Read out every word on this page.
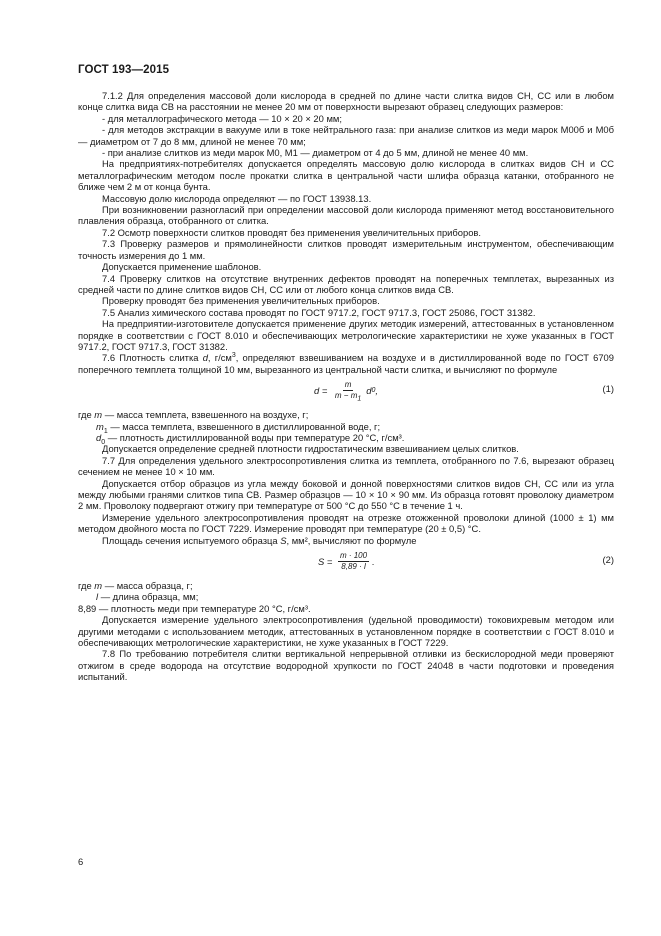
ГОСТ 193—2015

7.1.2 Для определения массовой доли кислорода в средней по длине части слитка видов СН, СС или в любом конце слитка вида СВ на расстоянии не менее 20 мм от поверхности вырезают образец следующих размеров:

- для металлографического метода — 10 × 20 × 20 мм;

- для методов экстракции в вакууме или в токе нейтрального газа: при анализе слитков из меди марок М00б и М0б — диаметром от 7 до 8 мм, длиной не менее 70 мм;

- при анализе слитков из меди марок М0, М1 — диаметром от 4 до 5 мм, длиной не менее 40 мм.

На предприятиях-потребителях допускается определять массовую долю кислорода в слитках видов СН и СС металлографическим методом после прокатки слитка в центральной части шлифа образца катанки, отобранного не ближе чем 2 м от конца бунта.

Массовую долю кислорода определяют — по ГОСТ 13938.13.

При возникновении разногласий при определении массовой доли кислорода применяют метод восстановительного плавления образца, отобранного от слитка.

7.2 Осмотр поверхности слитков проводят без применения увеличительных приборов.

7.3 Проверку размеров и прямолинейности слитков проводят измерительным инструментом, обеспечивающим точность измерения до 1 мм.

Допускается применение шаблонов.

7.4 Проверку слитков на отсутствие внутренних дефектов проводят на поперечных темплетах, вырезанных из средней части по длине слитков видов СН, СС или от любого конца слитков вида СВ.

Проверку проводят без применения увеличительных приборов.

7.5 Анализ химического состава проводят по ГОСТ 9717.2, ГОСТ 9717.3, ГОСТ 25086, ГОСТ 31382.

На предприятии-изготовителе допускается применение других методик измерений, аттестованных в установленном порядке в соответствии с ГОСТ 8.010 и обеспечивающих метрологические характеристики не хуже указанных в ГОСТ 9717.2, ГОСТ 9717.3, ГОСТ 31382.

7.6 Плотность слитка d, $г/см^3$, определяют взвешиванием на воздухе и в дистиллированной воде по ГОСТ 6709 поперечного темплета толщиной 10 мм, вырезанного из центральной части слитка, и вычисляют по формуле

$d = \frac{m}{m - m_1}$ d 0 ,	(1)

где m — масса темплета, взвешенного на воздухе, г;

$m_1$ — масса темплета, взвешенного в дистиллированной воде, г;

$d_0$ — плотность дистиллированной воды при температуре 20 °С, г/см³.

Допускается определение средней плотности гидростатическим взвешиванием целых слитков.

7.7 Для определения удельного электросопротивления слитка из темплета, отобранного по 7.6, вырезают образец сечением не менее 10 × 10 мм.

Допускается отбор образцов из угла между боковой и донной поверхностями слитков видов СН, СС или из угла между любыми гранями слитков типа СВ. Размер образцов — 10 × 10 × 90 мм. Из образца готовят проволоку диаметром 2 мм. Проволоку подвергают отжигу при температуре от 500 °С до 550 °С в течение 1 ч.

Измерение удельного электросопротивления проводят на отрезке отожженной проволоки длиной (1000 ± 1) мм методом двойного моста по ГОСТ 7229. Измерение проводят при температуре (20 ± 0,5) °С.

Площадь сечения испытуемого образца S, мм², вычисляют по формуле

$S = \frac{m \cdot 100}{8,89 \cdot l}$ .	(2)

где m — масса образца, г;

l — длина образца, мм;

8,89 — плотность меди при температуре 20 °С, г/см³.

Допускается измерение удельного электросопротивления (удельной проводимости) токовихревым методом или другими методами с использованием методик, аттестованных в установленном порядке в соответствии с ГОСТ 8.010 и обеспечивающих метрологические характеристики, не хуже указанных в ГОСТ 7229.

7.8 По требованию потребителя слитки вертикальной непрерывной отливки из бескислородной меди проверяют отжигом в среде водорода на отсутствие водородной хрупкости по ГОСТ 24048 в части подготовки и проведения испытаний.

6
